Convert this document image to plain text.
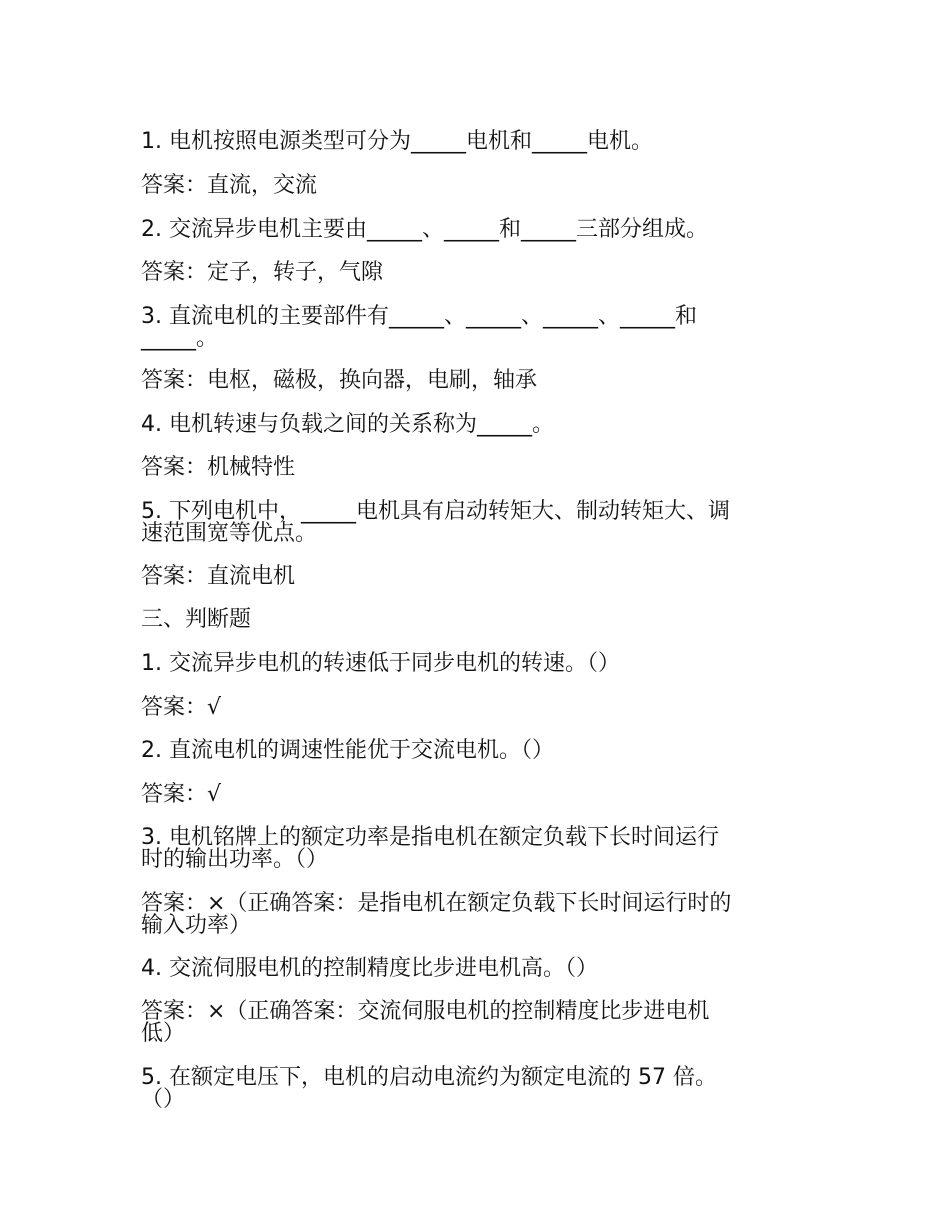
1. 电机按照电源类型可分为_____电机和_____电机。
答案：直流，交流
2. 交流异步电机主要由_____、_____和_____三部分组成。
答案：定子，转子，气隙
3. 直流电机的主要部件有_____、_____、_____、_____和
_____。
答案：电枢，磁极，换向器，电刷，轴承
4. 电机转速与负载之间的关系称为_____。
答案：机械特性
5. 下列电机中，_____电机具有启动转矩大、制动转矩大、调
速范围宽等优点。
答案：直流电机
三、判断题
1. 交流异步电机的转速低于同步电机的转速。（）
答案：√
2. 直流电机的调速性能优于交流电机。（）
答案：√
3. 电机铭牌上的额定功率是指电机在额定负载下长时间运行
时的输出功率。（）
答案：×（正确答案：是指电机在额定负载下长时间运行时的
输入功率）
4. 交流伺服电机的控制精度比步进电机高。（）
答案：×（正确答案：交流伺服电机的控制精度比步进电机
低）
5. 在额定电压下，电机的启动电流约为额定电流的 57 倍。
（）
